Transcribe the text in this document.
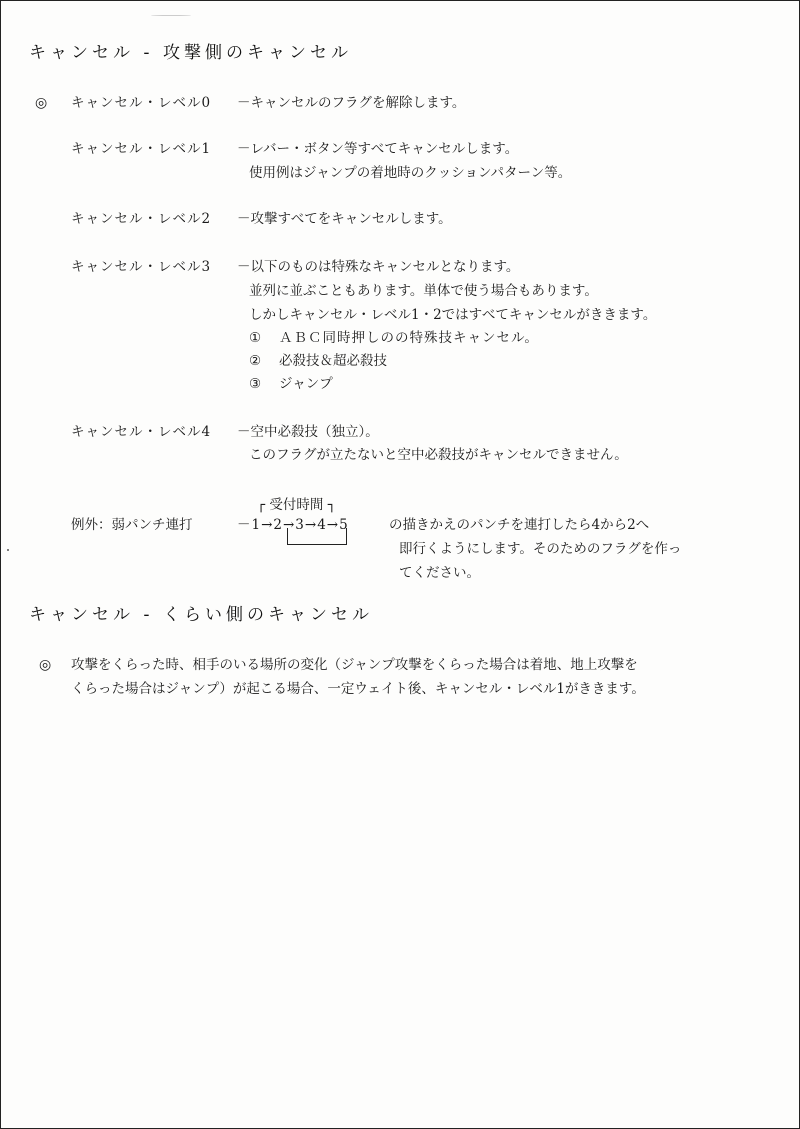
キャンセル - 攻撃側のキャンセル
◎ キャンセル・レベル0 －キャンセルのフラグを解除します。
キャンセル・レベル1 －レバー・ボタン等すべてキャンセルします。
使用例はジャンプの着地時のクッションパターン等。
キャンセル・レベル2 －攻撃すべてをキャンセルします。
キャンセル・レベル3 －以下のものは特殊なキャンセルとなります。
並列に並ぶこともあります。単体で使う場合もあります。
しかしキャンセル・レベル1・2ではすべてキャンセルがききます。
① ＡＢＣ同時押しのの特殊技キャンセル。
② 必殺技＆超必殺技
③ ジャンプ
キャンセル・レベル4 －空中必殺技（独立）。
このフラグが立たないと空中必殺技がキャンセルできません。
┌ 受付時間 ┐
例外：弱パンチ連打	－1→2→3→4→5	の描きかえのパンチを連打したら4から2へ
即行くようにします。そのためのフラグを作っ
てください。
キャンセル - くらい側のキャンセル
◎ 攻撃をくらった時、相手のいる場所の変化（ジャンプ攻撃をくらった場合は着地、地上攻撃を
くらった場合はジャンプ）が起こる場合、一定ウェイト後、キャンセル・レベル1がききます。
